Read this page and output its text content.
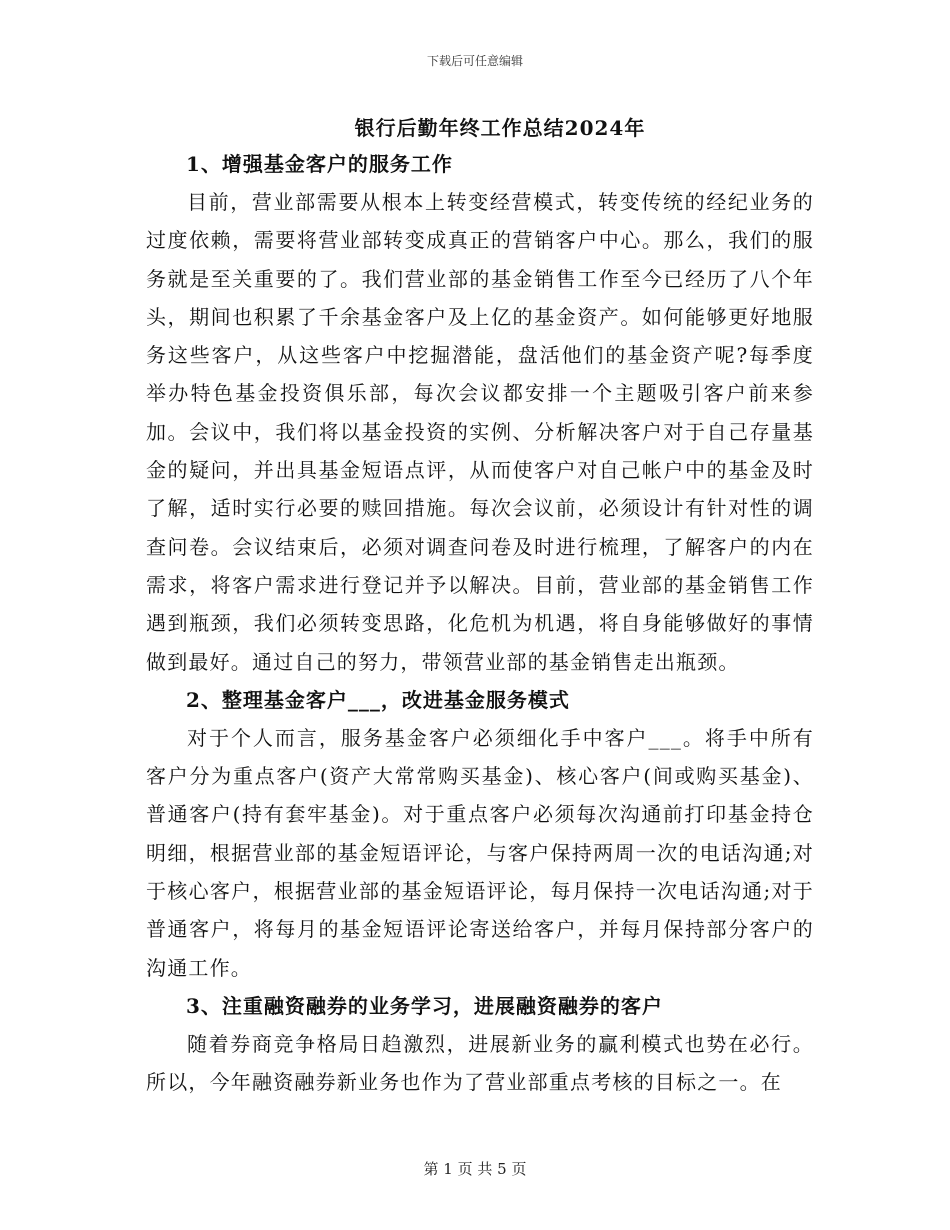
下载后可任意编辑
银行后勤年终工作总结2024年
1、增强基金客户的服务工作

目前，营业部需要从根本上转变经营模式，转变传统的经纪业务的过度依赖，需要将营业部转变成真正的营销客户中心。那么，我们的服务就是至关重要的了。我们营业部的基金销售工作至今已经历了八个年头，期间也积累了千余基金客户及上亿的基金资产。如何能够更好地服务这些客户，从这些客户中挖掘潜能，盘活他们的基金资产呢?每季度举办特色基金投资俱乐部，每次会议都安排一个主题吸引客户前来参加。会议中，我们将以基金投资的实例、分析解决客户对于自己存量基金的疑问，并出具基金短语点评，从而使客户对自己帐户中的基金及时了解，适时实行必要的赎回措施。每次会议前，必须设计有针对性的调查问卷。会议结束后，必须对调查问卷及时进行梳理，了解客户的内在需求，将客户需求进行登记并予以解决。目前，营业部的基金销售工作遇到瓶颈，我们必须转变思路，化危机为机遇，将自身能够做好的事情做到最好。通过自己的努力，带领营业部的基金销售走出瓶颈。

2、整理基金客户___，改进基金服务模式

对于个人而言，服务基金客户必须细化手中客户___。将手中所有客户分为重点客户(资产大常常购买基金)、核心客户(间或购买基金)、普通客户(持有套牢基金)。对于重点客户必须每次沟通前打印基金持仓明细，根据营业部的基金短语评论，与客户保持两周一次的电话沟通;对于核心客户，根据营业部的基金短语评论，每月保持一次电话沟通;对于普通客户，将每月的基金短语评论寄送给客户，并每月保持部分客户的沟通工作。

3、注重融资融券的业务学习，进展融资融券的客户

随着券商竞争格局日趋激烈，进展新业务的赢利模式也势在必行。所以，今年融资融券新业务也作为了营业部重点考核的目标之一。在

第 1 页 共 5 页
